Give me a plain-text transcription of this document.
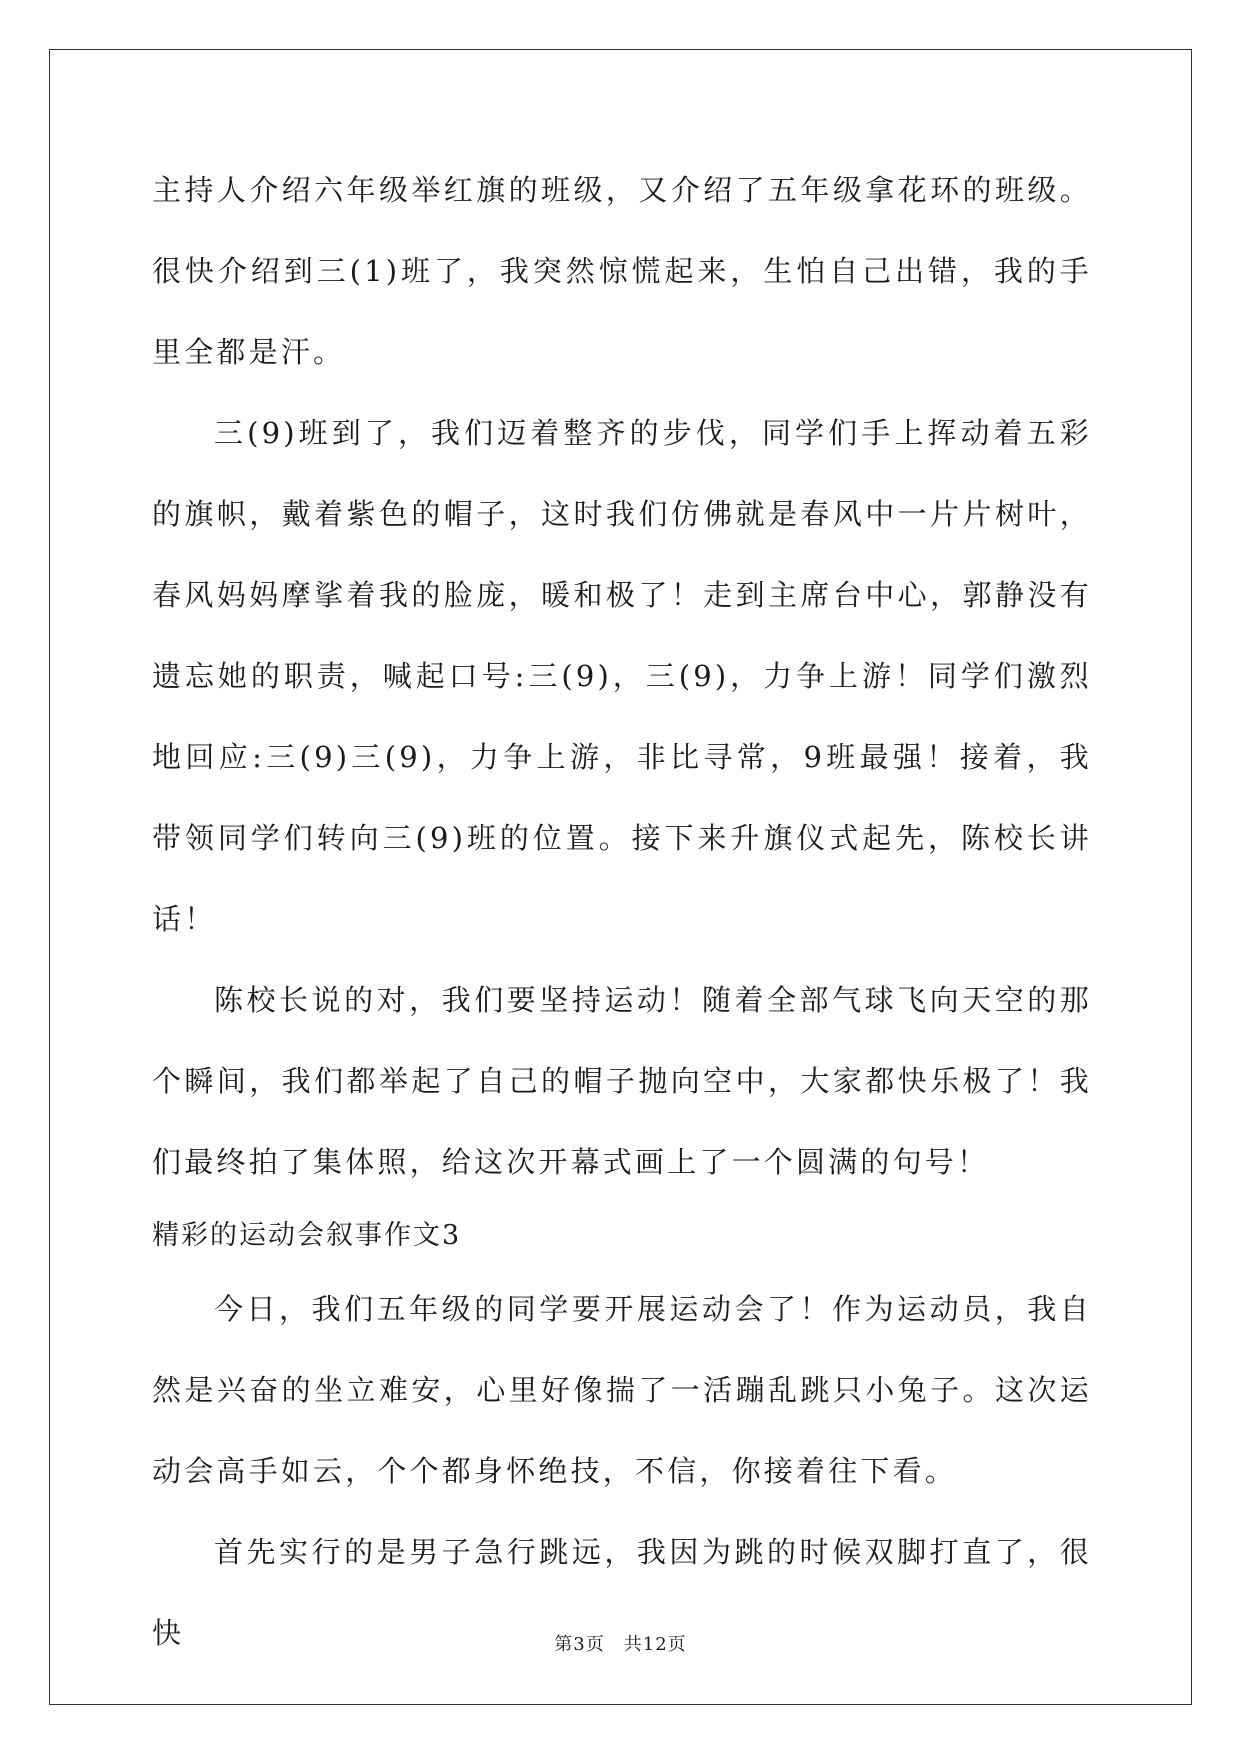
主持人介绍六年级举红旗的班级，又介绍了五年级拿花环的班级。很快介绍到三(1)班了，我突然惊慌起来，生怕自己出错，我的手里全都是汗。

三(9)班到了，我们迈着整齐的步伐，同学们手上挥动着五彩的旗帜，戴着紫色的帽子，这时我们仿佛就是春风中一片片树叶，春风妈妈摩挲着我的脸庞，暖和极了！走到主席台中心，郭静没有遗忘她的职责，喊起口号:三(9)，三(9)，力争上游！同学们激烈地回应:三(9)三(9)，力争上游，非比寻常，9班最强！接着，我带领同学们转向三(9)班的位置。接下来升旗仪式起先，陈校长讲话！

陈校长说的对，我们要坚持运动！随着全部气球飞向天空的那个瞬间，我们都举起了自己的帽子抛向空中，大家都快乐极了！我们最终拍了集体照，给这次开幕式画上了一个圆满的句号！

精彩的运动会叙事作文3

今日，我们五年级的同学要开展运动会了！作为运动员，我自然是兴奋的坐立难安，心里好像揣了一活蹦乱跳只小兔子。这次运动会高手如云，个个都身怀绝技，不信，你接着往下看。

首先实行的是男子急行跳远，我因为跳的时候双脚打直了，很快	第3页　共12页
